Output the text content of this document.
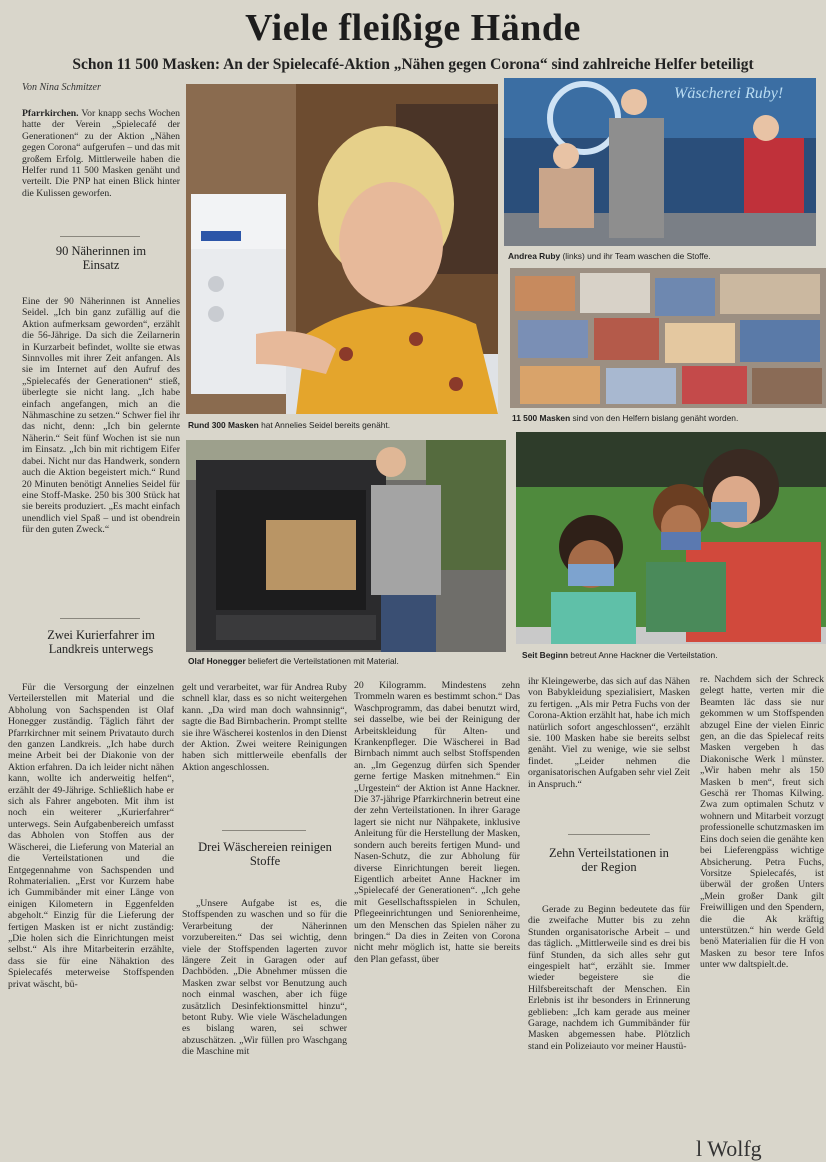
Viele fleißige Hände
Schon 11 500 Masken: An der Spielecafé-Aktion „Nähen gegen Corona“ sind zahlreiche Helfer beteiligt
Von Nina Schmitzer

Pfarrkirchen. Vor knapp sechs Wochen hatte der Verein „Spielecafé der Generationen“ zu der Aktion „Nähen gegen Corona“ aufgerufen – und das mit großem Erfolg. Mittlerweile haben die Helfer rund 11 500 Masken genäht und verteilt. Die PNP hat einen Blick hinter die Kulissen geworfen.

90 Näherinnen im Einsatz
Eine der 90 Näherinnen ist Annelies Seidel. „Ich bin ganz zufällig auf die Aktion aufmerksam geworden“, erzählt die 56-Jährige. Da sich die Zeilarnerin in Kurzarbeit befindet, wollte sie etwas Sinnvolles mit ihrer Zeit anfangen. Als sie im Internet auf den Aufruf des „Spielecafés der Generationen“ stieß, überlegte sie nicht lang. „Ich habe einfach angefangen, mich an die Nähmaschine zu setzen.“ Schwer fiel ihr das nicht, denn: „Ich bin gelernte Näherin.“ Seit fünf Wochen ist sie nun im Einsatz. „Ich bin mit richtigem Eifer dabei. Nicht nur das Handwerk, sondern auch die Aktion begeistert mich.“ Rund 20 Minuten benötigt Annelies Seidel für eine Stoff-Maske. 250 bis 300 Stück hat sie bereits produziert. „Es macht einfach unendlich viel Spaß – und ist obendrein für den guten Zweck.“
Zwei Kurierfahrer im Landkreis unterwegs
Rund 300 Masken hat Annelies Seidel bereits genäht.
Wäscherei Ruby!
Andrea Ruby (links) und ihr Team waschen die Stoffe.
11 500 Masken sind von den Helfern bislang genäht worden.
Olaf Honegger beliefert die Verteilstationen mit Material.
Seit Beginn betreut Anne Hackner die Verteilstation.
Für die Versorgung der einzelnen Verteilerstellen mit Material und die Abholung von Sachspenden ist Olaf Honegger zuständig. Täglich fährt der Pfarrkirchner mit seinem Privatauto durch den ganzen Landkreis. „Ich habe durch meine Arbeit bei der Diakonie von der Aktion erfahren. Da ich leider nicht nähen kann, wollte ich anderweitig helfen“, erzählt der 49-Jährige. Schließlich habe er sich als Fahrer angeboten. Mit ihm ist noch ein weiterer „Kurierfahrer“ unterwegs. Sein Aufgabenbereich umfasst das Abholen von Stoffen aus der Wäscherei, die Lieferung von Material an die Verteilstationen und die Entgegennahme von Sachspenden und Rohmaterialien. „Erst vor Kurzem habe ich Gummibänder mit einer Länge von einigen Kilometern in Eggenfelden abgeholt.“ Einzig für die Lieferung der fertigen Masken ist er nicht zuständig: „Die holen sich die Einrichtungen meist selbst.“ Als ihre Mitarbeiterin erzählte, dass sie für eine Nähaktion des Spielecafés meterweise Stoffspenden privat wäscht, bü-
gelt und verarbeitet, war für Andrea Ruby schnell klar, dass es so nicht weitergehen kann. „Da wird man doch wahnsinnig“, sagte die Bad Birnbacherin. Prompt stellte sie ihre Wäscherei kostenlos in den Dienst der Aktion. Zwei weitere Reinigungen haben sich mittlerweile ebenfalls der Aktion angeschlossen.
Drei Wäschereien reinigen Stoffe
„Unsere Aufgabe ist es, die Stoffspenden zu waschen und so für die Verarbeitung der Näherinnen vorzubereiten.“ Das sei wichtig, denn viele der Stoffspenden lagerten zuvor längere Zeit in Garagen oder auf Dachböden. „Die Abnehmer müssen die Masken zwar selbst vor Benutzung auch noch einmal waschen, aber ich füge zusätzlich Desinfektionsmittel hinzu“, betont Ruby. Wie viele Wäscheladungen es bislang waren, sei schwer abzuschätzen. „Wir füllen pro Waschgang die Maschine mit
20 Kilogramm. Mindestens zehn Trommeln waren es bestimmt schon.“ Das Waschprogramm, das dabei benutzt wird, sei dasselbe, wie bei der Reinigung der Arbeitskleidung für Alten- und Krankenpfleger. Die Wäscherei in Bad Birnbach nimmt auch selbst Stoffspenden an. „Im Gegenzug dürfen sich Spender gerne fertige Masken mitnehmen.“ Ein „Urgestein“ der Aktion ist Anne Hackner. Die 37-jährige Pfarrkirchnerin betreut eine der zehn Verteilstationen. In ihrer Garage lagert sie nicht nur Nähpakete, inklusive Anleitung für die Herstellung der Masken, sondern auch bereits fertigen Mund- und Nasen-Schutz, die zur Abholung für diverse Einrichtungen bereit liegen. Eigentlich arbeitet Anne Hackner im „Spielecafé der Generationen“. „Ich gehe mit Gesellschaftsspielen in Schulen, Pflegeeinrichtungen und Seniorenheime, um den Menschen das Spielen näher zu bringen.“ Da dies in Zeiten von Corona nicht mehr möglich ist, hatte sie bereits den Plan gefasst, über
ihr Kleingewerbe, das sich auf das Nähen von Babykleidung spezialisiert, Masken zu fertigen. „Als mir Petra Fuchs von der Corona-Aktion erzählt hat, habe ich mich natürlich sofort angeschlossen“, erzählt sie. 100 Masken habe sie bereits selbst genäht. Viel zu wenige, wie sie selbst findet. „Leider nehmen die organisatorischen Aufgaben sehr viel Zeit in Anspruch.“
Zehn Verteilstationen in der Region
Gerade zu Beginn bedeutete das für die zweifache Mutter bis zu zehn Stunden organisatorische Arbeit – und das täglich. „Mittlerweile sind es drei bis fünf Stunden, da sich alles sehr gut eingespielt hat“, erzählt sie. Immer wieder begeistere sie die Hilfsbereitschaft der Menschen. Ein Erlebnis ist ihr besonders in Erinnerung geblieben: „Ich kam gerade aus meiner Garage, nachdem ich Gummibänder für Masken abgemessen habe. Plötzlich stand ein Polizeiauto vor meiner Haustü-
re. Nachdem sich der Schreck gelegt hatte, verten mir die Beamten läc dass sie nur gekommen w um Stoffspenden abzugel Eine der vielen Einric gen, an die das Spielecaf reits Masken vergeben h das Diakonische Werk l münster. „Wir haben mehr als 150 Masken b men“, freut sich Geschä rer Thomas Kilwing. Zwa zum optimalen Schutz v wohnern und Mitarbeit vorzugt professionelle schutzmasken im Eins doch seien die genähte ken bei Lieferengpäss wichtige Absicherung. Petra Fuchs, Vorsitze Spielecafés, ist überwäl der großen Unters „Mein großer Dank gilt Freiwilligen und den Spendern, die die Ak kräftig unterstützen.“ hin werde Geld benö Materialien für die H von Masken zu besor tere Infos unter ww daltspielt.de.
l Wolfg
